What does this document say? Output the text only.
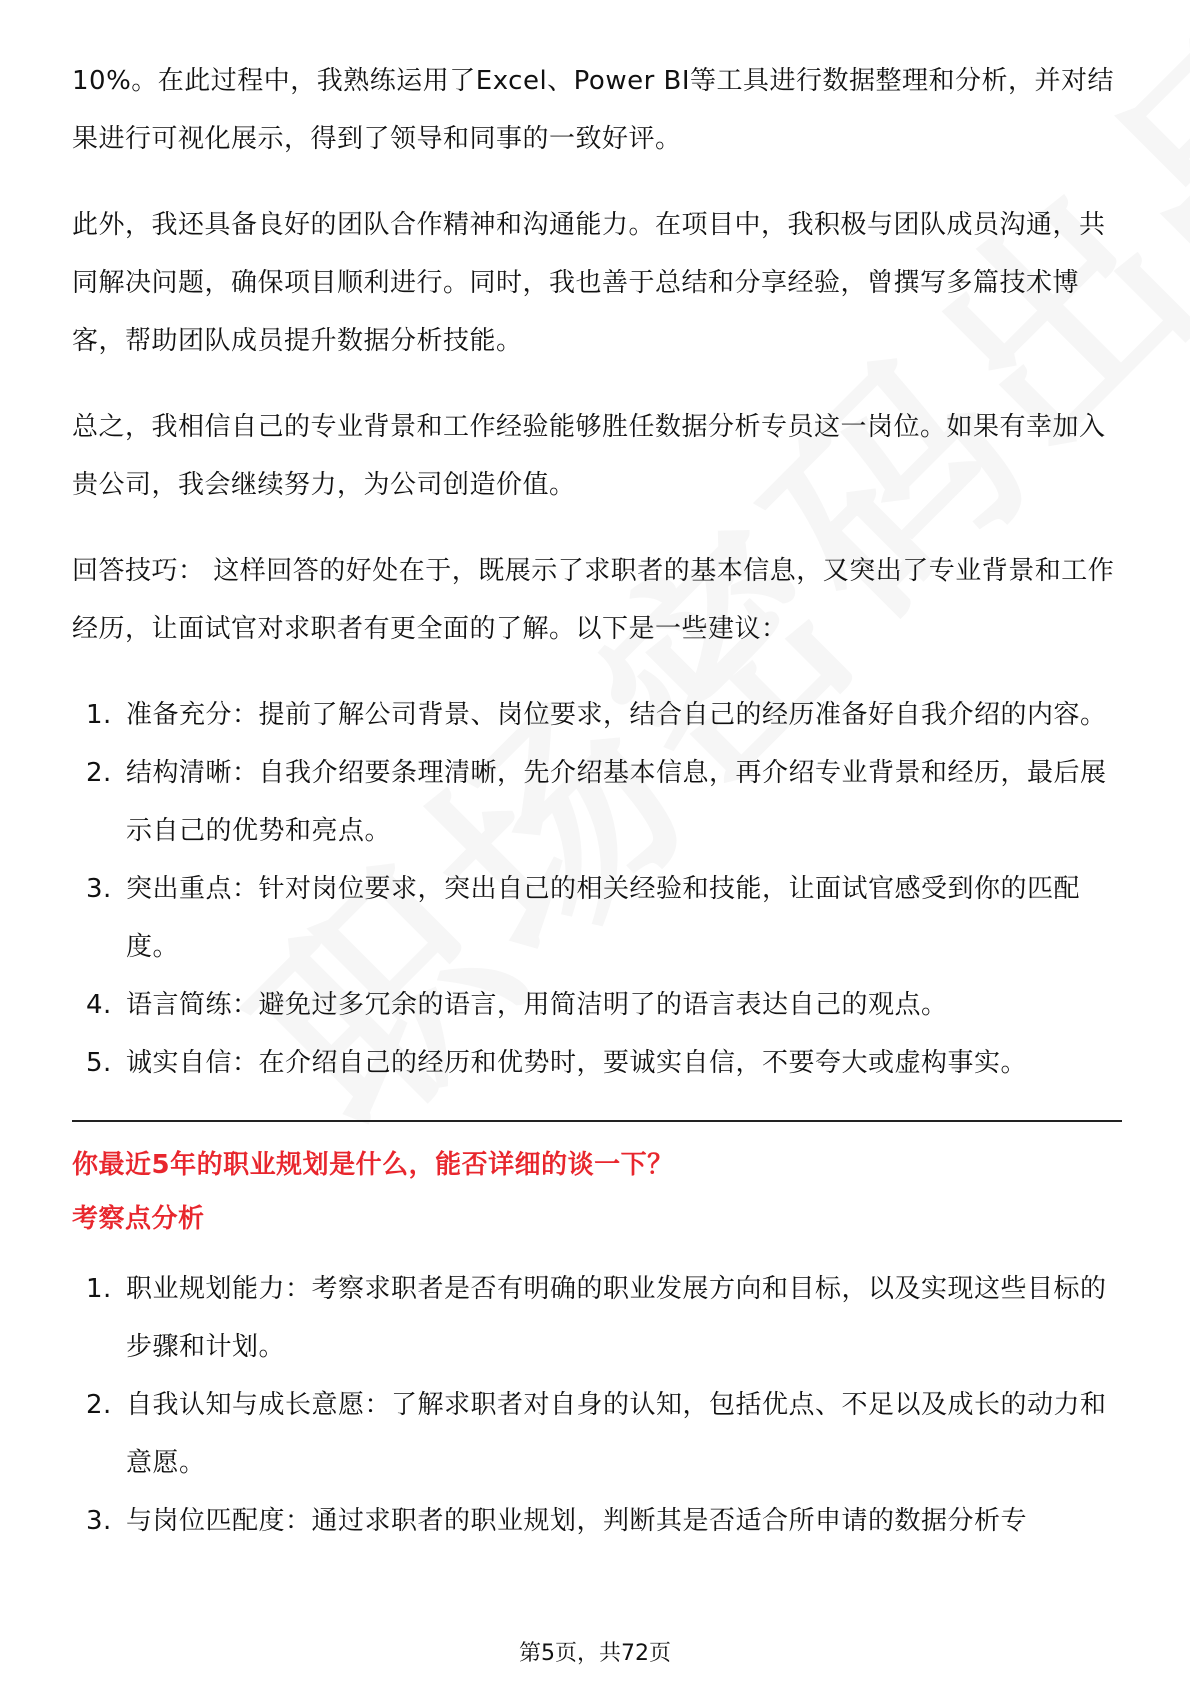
10%。在此过程中，我熟练运用了Excel、Power BI等工具进行数据整理和分析，并对结果进行可视化展示，得到了领导和同事的一致好评。

此外，我还具备良好的团队合作精神和沟通能力。在项目中，我积极与团队成员沟通，共同解决问题，确保项目顺利进行。同时，我也善于总结和分享经验，曾撰写多篇技术博客，帮助团队成员提升数据分析技能。

总之，我相信自己的专业背景和工作经验能够胜任数据分析专员这一岗位。如果有幸加入贵公司，我会继续努力，为公司创造价值。

回答技巧： 这样回答的好处在于，既展示了求职者的基本信息，又突出了专业背景和工作经历，让面试官对求职者有更全面的了解。以下是一些建议：

1. 准备充分：提前了解公司背景、岗位要求，结合自己的经历准备好自我介绍的内容。
2. 结构清晰：自我介绍要条理清晰，先介绍基本信息，再介绍专业背景和经历，最后展示自己的优势和亮点。
3. 突出重点：针对岗位要求，突出自己的相关经验和技能，让面试官感受到你的匹配度。
4. 语言简练：避免过多冗余的语言，用简洁明了的语言表达自己的观点。
5. 诚实自信：在介绍自己的经历和优势时，要诚实自信，不要夸大或虚构事实。
你最近5年的职业规划是什么，能否详细的谈一下？
考察点分析
1. 职业规划能力：考察求职者是否有明确的职业发展方向和目标，以及实现这些目标的步骤和计划。
2. 自我认知与成长意愿：了解求职者对自身的认知，包括优点、不足以及成长的动力和意愿。
3. 与岗位匹配度：通过求职者的职业规划，判断其是否适合所申请的数据分析专
第5页，共72页
